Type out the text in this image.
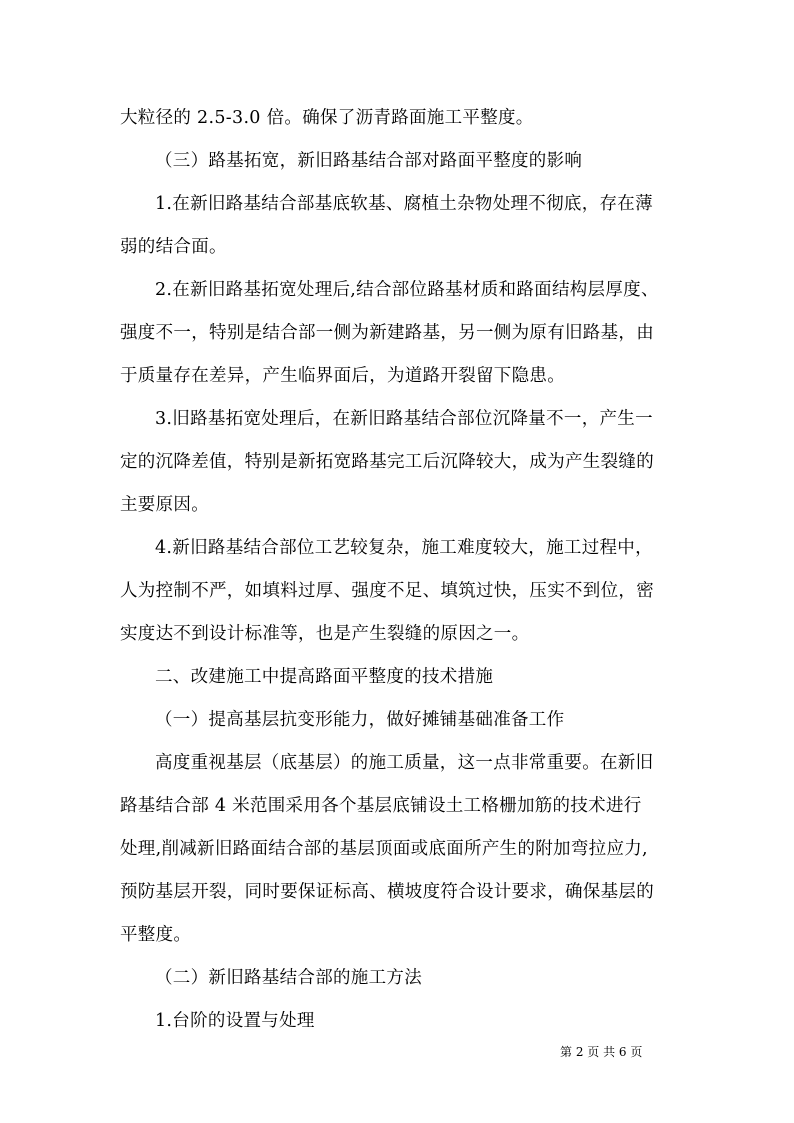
大粒径的 2.5-3.0 倍。确保了沥青路面施工平整度。
（三）路基拓宽，新旧路基结合部对路面平整度的影响
1.在新旧路基结合部基底软基、腐植土杂物处理不彻底，存在薄
弱的结合面。
2.在新旧路基拓宽处理后,结合部位路基材质和路面结构层厚度、
强度不一，特别是结合部一侧为新建路基，另一侧为原有旧路基，由
于质量存在差异，产生临界面后，为道路开裂留下隐患。
3.旧路基拓宽处理后，在新旧路基结合部位沉降量不一，产生一
定的沉降差值，特别是新拓宽路基完工后沉降较大，成为产生裂缝的
主要原因。
4.新旧路基结合部位工艺较复杂，施工难度较大，施工过程中，
人为控制不严，如填料过厚、强度不足、填筑过快，压实不到位，密
实度达不到设计标准等，也是产生裂缝的原因之一。
二、改建施工中提高路面平整度的技术措施
（一）提高基层抗变形能力，做好摊铺基础准备工作
高度重视基层（底基层）的施工质量，这一点非常重要。在新旧
路基结合部 4 米范围采用各个基层底铺设土工格栅加筋的技术进行
处理,削减新旧路面结合部的基层顶面或底面所产生的附加弯拉应力,
预防基层开裂，同时要保证标高、横坡度符合设计要求，确保基层的
平整度。
（二）新旧路基结合部的施工方法
1.台阶的设置与处理
第 2 页 共 6 页
